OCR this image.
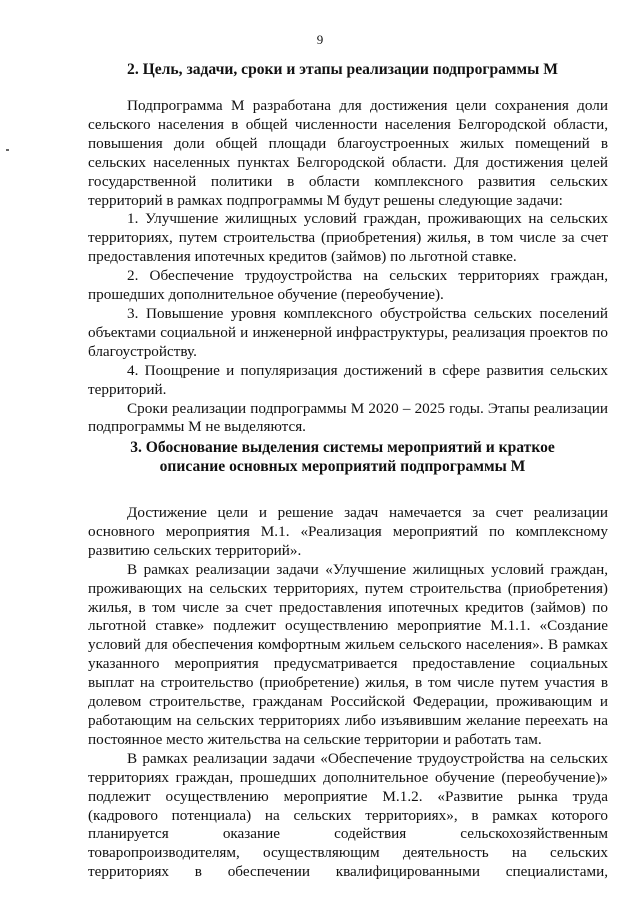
9
2. Цель, задачи, сроки и этапы реализации подпрограммы М

Подпрограмма М разработана для достижения цели сохранения доли сельского населения в общей численности населения Белгородской области, повышения доли общей площади благоустроенных жилых помещений в сельских населенных пунктах Белгородской области. Для достижения целей государственной политики в области комплексного развития сельских территорий в рамках подпрограммы М будут решены следующие задачи:

1. Улучшение жилищных условий граждан, проживающих на сельских территориях, путем строительства (приобретения) жилья, в том числе за счет предоставления ипотечных кредитов (займов) по льготной ставке.

2. Обеспечение трудоустройства на сельских территориях граждан, прошедших дополнительное обучение (переобучение).

3. Повышение уровня комплексного обустройства сельских поселений объектами социальной и инженерной инфраструктуры, реализация проектов по благоустройству.

4. Поощрение и популяризация достижений в сфере развития сельских территорий.

Сроки реализации подпрограммы М 2020 – 2025 годы. Этапы реализации подпрограммы М не выделяются.

3. Обоснование выделения системы мероприятий и краткое
описание основных мероприятий подпрограммы М

Достижение цели и решение задач намечается за счет реализации основного мероприятия М.1. «Реализация мероприятий по комплексному развитию сельских территорий».

В рамках реализации задачи «Улучшение жилищных условий граждан, проживающих на сельских территориях, путем строительства (приобретения) жилья, в том числе за счет предоставления ипотечных кредитов (займов) по льготной ставке» подлежит осуществлению мероприятие М.1.1. «Создание условий для обеспечения комфортным жильем сельского населения». В рамках указанного мероприятия предусматривается предоставление социальных выплат на строительство (приобретение) жилья, в том числе путем участия в долевом строительстве, гражданам Российской Федерации, проживающим и работающим на сельских территориях либо изъявившим желание переехать на постоянное место жительства на сельские территории и работать там.

В рамках реализации задачи «Обеспечение трудоустройства на сельских территориях граждан, прошедших дополнительное обучение (переобучение)» подлежит осуществлению мероприятие М.1.2. «Развитие рынка труда (кадрового потенциала) на сельских территориях», в рамках которого планируется оказание содействия сельскохозяйственным товаропроизводителям, осуществляющим деятельность на сельских территориях в обеспечении квалифицированными специалистами,
